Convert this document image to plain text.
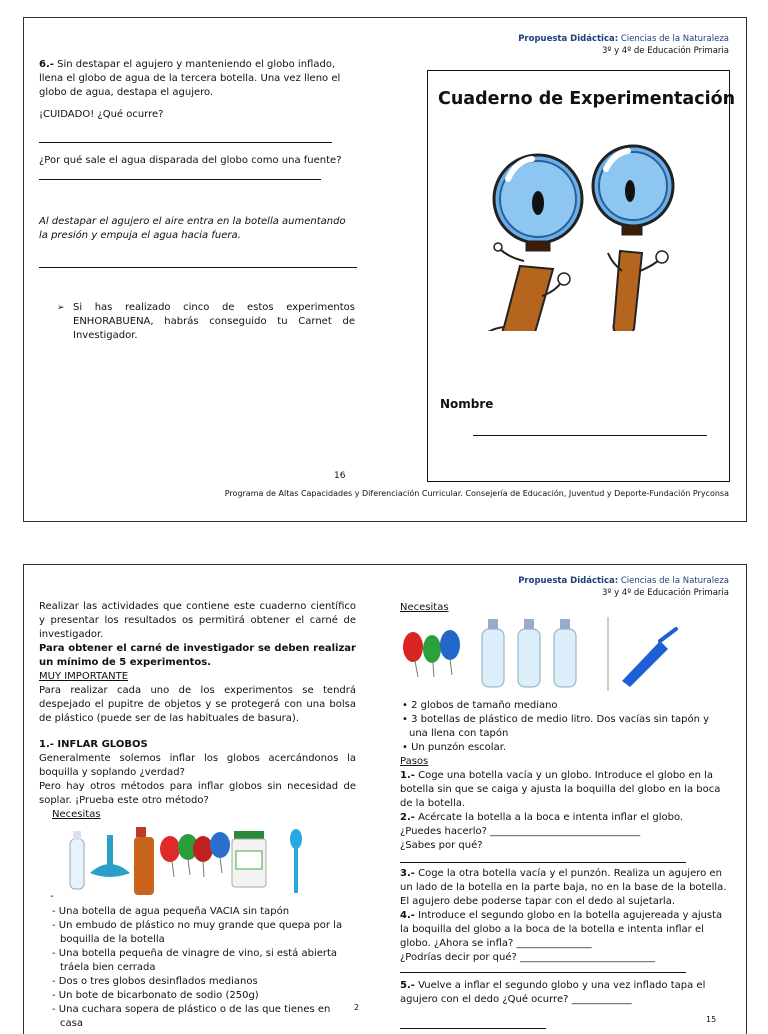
Propuesta Didáctica: Ciencias de la Naturaleza
3º y 4º de Educación Primaria
6.- Sin destapar el agujero y manteniendo el globo inflado, llena el globo de agua de la tercera botella. Una vez lleno el globo de agua, destapa el agujero.
¡CUIDADO! ¿Qué ocurre?
¿Por qué sale el agua disparada del globo como una fuente?
Al destapar el agujero el aire entra en la botella aumentando la presión y empuja el agua hacia fuera.
➢ Si has realizado cinco de estos experimentos ENHORABUENA, habrás conseguido tu Carnet de Investigador.
16
Cuaderno de Experimentación
Nombre
Programa de Altas Capacidades y Diferenciación Curricular. Consejería de Educación, Juventud y Deporte-Fundación Pryconsa
Propuesta Didáctica: Ciencias de la Naturaleza
3º y 4º de Educación Primaria
Realizar las actividades que contiene este cuaderno científico y presentar los resultados os permitirá obtener el carné de investigador.
Para obtener el carné de investigador se deben realizar un mínimo de 5 experimentos.
MUY IMPORTANTE
Para realizar cada uno de los experimentos se tendrá despejado el pupitre de objetos y se protegerá con una bolsa de plástico (puede ser de las habituales de basura).
1.- INFLAR GLOBOS
Generalmente solemos inflar los globos acercándonos la boquilla y soplando ¿verdad?
Pero hay otros métodos para inflar globos sin necesidad de soplar. ¡Prueba este otro método?
Necesitas
-
- Una botella de agua pequeña VACIA sin tapón
- Un embudo de plástico no muy grande que quepa por la boquilla de la botella
- Una botella pequeña de vinagre de vino, si está abierta tráela bien cerrada
- Dos o tres globos desinflados medianos
- Un bote de bicarbonato de sodio (250g)
- Una cuchara sopera de plástico o de las que tienes en casa
2
Necesitas
• 2 globos de tamaño mediano
• 3 botellas de plástico de medio litro. Dos vacías sin tapón y una llena con tapón
• Un punzón escolar.
Pasos
1.- Coge una botella vacía y un globo. Introduce el globo en la botella sin que se caiga y ajusta la boquilla del globo en la boca de la botella.
2.- Acércate la botella a la boca e intenta inflar el globo.
¿Puedes hacerlo? ______________________________
¿Sabes por qué?
3.- Coge la otra botella vacía y el punzón. Realiza un agujero en un lado de la botella en la parte baja, no en la base de la botella. El agujero debe poderse tapar con el dedo al sujetarla.
4.- Introduce el segundo globo en la botella agujereada y ajusta la boquilla del globo a la boca de la botella e intenta inflar el globo. ¿Ahora se infla? _______________
¿Podrías decir por qué? ___________________________
5.- Vuelve a inflar el segundo globo y una vez inflado tapa el agujero con el dedo ¿Qué ocurre? ____________
15
